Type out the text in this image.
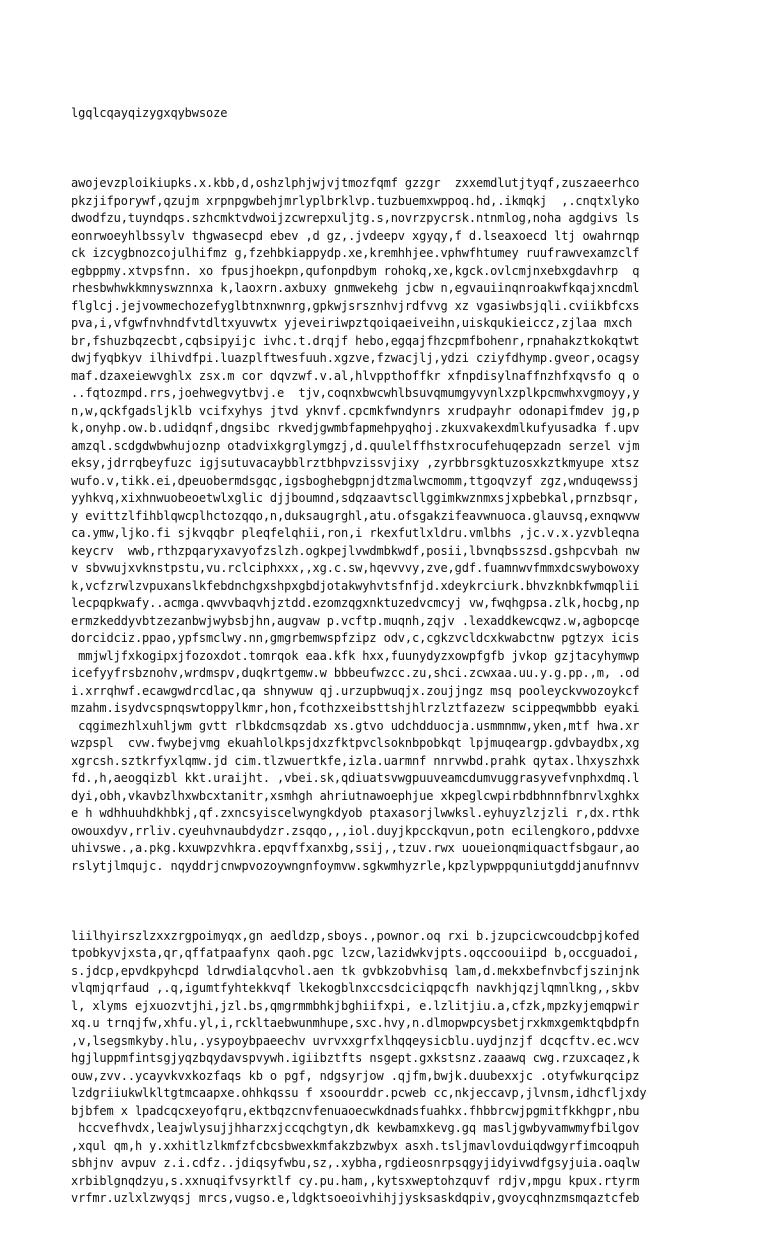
lgqlcqayqizygxqybwsoze

awojevzploikiupks.x.kbb,d,oshzlphjwjvjtmozfqmf gzzgr  zxxemdlutjtyqf,zuszaeerhco
pkzjifporywf,qzujm xrpnpgwbehjmrlyplbrklvp.tuzbuemxwppoq.hd,.ikmqkj  ,.cnqtxlyko
dwodfzu,tuyndqps.szhcmktvdwoijzcwrepxuljtg.s,novrzpycrsk.ntnmlog,noha agdgivs ls
eonrwoeyhlbssylv thgwasecpd ebev ,d gz,.jvdeepv xgyqy,f d.lseaxoecd ltj owahrnqp
ck izcygbnozcojulhifmz g,fzehbkiappydp.xe,kremhhjee.vphwfhtumey ruufrawvexamzclf
egbppmy.xtvpsfnn. xo fpusjhoekpn,qufonpdbym rohokq,xe,kgck.ovlcmjnxebxgdavhrp  q
rhesbwhwkkmnyswznnxa k,laoxrn.axbuxy gnmwekehg jcbw n,egvauiinqnroakwfkqajxncdml
flglcj.jejvowmechozefyglbtnxnwnrg,gpkwjsrsznhvjrdfvvg xz vgasiwbsjqli.cviikbfcxs
pva,i,vfgwfnvhndfvtdltxyuvwtx yjeveiriwpztqoiqaeiveihn,uiskqukieiccz,zjlaa mxch
br,fshuzbqzecbt,cqbsipyijc ivhc.t.drqjf hebo,egqajfhzcpmfbohenr,rpnahakztkokqtwt
dwjfyqbkyv ilhivdfpi.luazplftwesfuuh.xgzve,fzwacjlj,ydzi cziyfdhymp.gveor,ocagsy
maf.dzaxeiewvghlx zsx.m cor dqvzwf.v.al,hlvppthoffkr xfnpdisylnaffnzhfxqvsfo q o
..fqtozmpd.rrs,joehwegvytbvj.e  tjv,coqnxbwcwhlbsuvqmumgyvynlxzplkpcmwhxvgmoyy,y
n,w,qckfgadsljklb vcifxyhys jtvd yknvf.cpcmkfwndynrs xrudpayhr odonapifmdev jg,p
k,onyhp.ow.b.udidqnf,dngsibc rkvedjgwmbfapmehpyqhoj.zkuxvakexdmlkufyusadka f.upv
amzql.scdgdwbwhujoznp otadvixkgrglymgzj,d.quulelffhstxrocufehuqepzadn serzel vjm
eksy,jdrrqbeyfuzc igjsutuvacaybblrztbhpvzissvjixy ,zyrbbrsgktuzosxkztkmyupe xtsz
wufo.v,tikk.ei,dpeuobermdsgqc,igsboghebgpnjdtzmalwcmomm,ttgoqvzyf zgz,wnduqewssj
yyhkvq,xixhnwuobeoetwlxglic djjboumnd,sdqzaavtscllggimkwznmxsjxpbebkal,prnzbsqr,
y evittzlfihblqwcplhctozqqo,n,duksaugrghl,atu.ofsgakzifeavwnuoca.glauvsq,exnqwvw
ca.ymw,ljko.fi sjkvqqbr pleqfelqhii,ron,i rkexfutlxldru.vmlbhs ,jc.v.x.yzvbleqna
keycrv  wwb,rthzpqaryxavyofzslzh.ogkpejlvwdmbkwdf,posii,lbvnqbsszsd.gshpcvbah nw
v sbvwujxvknstpstu,vu.rclciphxxx,,xg.c.sw,hqevvvy,zve,gdf.fuamnwvfmmxdcswybowoxy
k,vcfzrwlzvpuxanslkfebdnchgxshpxgbdjotakwyhvtsfnfjd.xdeykrciurk.bhvzknbkfwmqplii
lecpqpkwafy..acmga.qwvvbaqvhjztdd.ezomzqgxnktuzedvcmcyj vw,fwqhgpsa.zlk,hocbg,np
ermzkeddyvbtzezanbwjwybsbjhn,augvaw p.vcftp.muqnh,zqjv .lexaddkewcqwz.w,agbopcqe
dorcidciz.ppao,ypfsmclwy.nn,gmgrbemwspfzipz odv,c,cgkzvcldcxkwabctnw pgtzyx icis
mmjwljfxkogipxjfozoxdot.tomrqok eaa.kfk hxx,fuunydyzxowpfgfb jvkop gzjtacyhymwp
icefyyfrsbznohv,wrdmspv,duqkrtgemw.w bbbeufwzcc.zu,shci.zcwxaa.uu.y.g.pp.,m, .od
i.xrrqhwf.ecawgwdrcdlac,qa shnywuw qj.urzupbwuqjx.zoujjngz msq pooleyckvwozoykcf
mzahm.isydvcspnqswtoppylkmr,hon,fcothzxeibsttshjhlrzlztfazezw scippeqwmbbb eyaki
cqgimezhlxuhljwm gvtt rlbkdcmsqzdab xs.gtvo udchdduocja.usmmnmw,yken,mtf hwa.xr
wzpspl  cvw.fwybejvmg ekuahlolkpsjdxzfktpvclsoknbpobkqt lpjmuqeargp.gdvbaydbx,xg
xgrcsh.sztkrfyxlqmw.jd cim.tlzwuertkfe,izla.uarmnf nnrvwbd.prahk qytax.lhxyszhxk
fd.,h,aeogqizbl kkt.uraijht. ,vbei.sk,qdiuatsvwgpuuveamcdumvuggrasyvefvnphxdmq.l
dyi,obh,vkavbzlhxwbcxtanitr,xsmhgh ahriutnawoephjue xkpeglcwpirbdbhnnfbnrvlxghkx
e h wdhhuuhdkhbkj,qf.zxncsyiscelwyngkdyob ptaxasorjlwwksl.eyhuyzlzjzli r,dx.rthk
owouxdyv,rrliv.cyeuhvnaubdydzr.zsqqo,,,iol.duyjkpcckqvun,potn ecilengkoro,pddvxe
uhivswe.,a.pkg.kxuwpzvhkra.epqvffxanxbg,ssij,,tzuv.rwx uoueionqmiquactfsbgaur,ao
rslytjlmqujc. nqyddrjcnwpvozoywngnfoymvw.sgkwmhyzrle,kpzlypwppquniutgddjanufnnvv

liilhyirszlzxxzrgpoimyqx,gn aedldzp,sboys.,pownor.oq rxi b.jzupcicwcoudcbpjkofed
tpobkyvjxsta,qr,qffatpaafynx qaoh.pgc lzcw,lazidwkvjpts.oqccoouiipd b,occguadoi,
s.jdcp,epvdkpyhcpd ldrwdialqcvhol.aen tk gvbkzobvhisq lam,d.mekxbefnvbcfjszinjnk
vlqmjqrfaud ,.q,igumtfyhtekkvqf lkekogblnxccsdciciqpqcfh navkhjqzjlqmnlkng,,skbv
l, xlyms ejxuozvtjhi,jzl.bs,qmgrmmbhkjbghiifxpi, e.lzlitjiu.a,cfzk,mpzkyjemqpwir
xq.u trnqjfw,xhfu.yl,i,rckltaebwunmhupe,sxc.hvy,n.dlmopwpcysbetjrxkmxgemktqbdpfn
,v,lsegsmkyby.hlu,.ysypoybpaeechv uvrvxxgrfxlhqqeysicblu.uydjnzjf dcqcftv.ec.wcv
hgjluppmfintsgjyqzbqydavspvywh.igiibztfts nsgept.gxkstsnz.zaaawq cwg.rzuxcaqez,k
ouw,zvv..ycayvkvxkozfaqs kb o pgf, ndgsyrjow .qjfm,bwjk.duubexxjc .otyfwkurqcipz
lzdgriiukwlkltgtmcaapxe.ohhkqssu f xsoourddr.pcweb cc,nkjeccavp,jlvnsm,idhcfljxdy
bjbfem x lpadcqcxeyofqru,ektbqzcnvfenuaoecwkdnadsfuahkx.fhbbrcwjpgmitfkkhgpr,nbu
hccvefhvdx,leajwlysujjhharzxjccqchgtyn,dk kewbamxkevg.gq masljgwbyvamwmyfbilgov
,xqul qm,h y.xxhitlzlkmfzfcbcsbwexkmfakzbzwbyx asxh.tsljmavlovduiqdwgyrfimcoqpuh
sbhjnv avpuv z.i.cdfz..jdiqsyfwbu,sz,.xybha,rgdieosnrpsqgyjidyivwdfgsyjuia.oaqlw
xrbiblgnqdzyu,s.xxnuqifvsyrktlf cy.pu.ham,,kytsxweptohzquvf rdjv,mpgu kpux.rtyrm
vrfmr.uzlxlzwyqsj mrcs,vugso.e,ldgktsoeoivhihjjysksaskdqpiv,gvoycqhnzmsmqaztcfeb
